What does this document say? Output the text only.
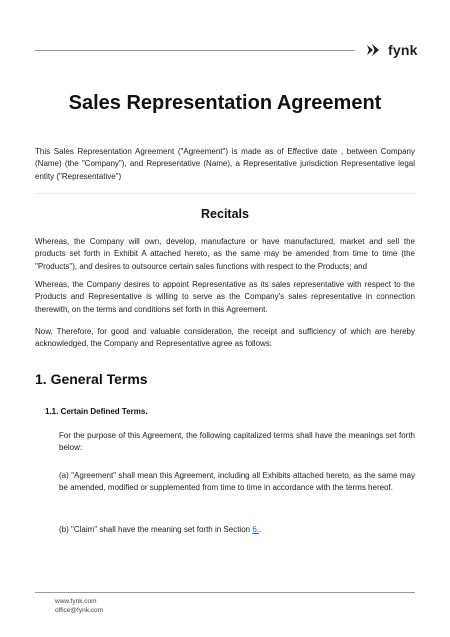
fynk
Sales Representation Agreement
This Sales Representation Agreement ("Agreement") is made as of Effective date , between Company (Name) (the "Company"), and Representative (Name), a Representative jurisdiction Representative legal entity ("Representative")
Recitals
Whereas, the Company will own, develop, manufacture or have manufactured, market and sell the products set forth in Exhibit A attached hereto, as the same may be amended from time to time (the "Products"), and desires to outsource certain sales functions with respect to the Products; and
Whereas, the Company desires to appoint Representative as its sales representative with respect to the Products and Representative is willing to serve as the Company's sales representative in connection therewith, on the terms and conditions set forth in this Agreement.
Now, Therefore, for good and valuable consideration, the receipt and sufficiency of which are hereby acknowledged, the Company and Representative agree as follows:
1. General Terms
1.1. Certain Defined Terms.
For the purpose of this Agreement, the following capitalized terms shall have the meanings set forth below:
(a) "Agreement" shall mean this Agreement, including all Exhibits attached hereto, as the same may be amended, modified or supplemented from time to time in accordance with the terms hereof.
(b) "Claim" shall have the meaning set forth in Section 6..
www.fynk.com
office@fynk.com
